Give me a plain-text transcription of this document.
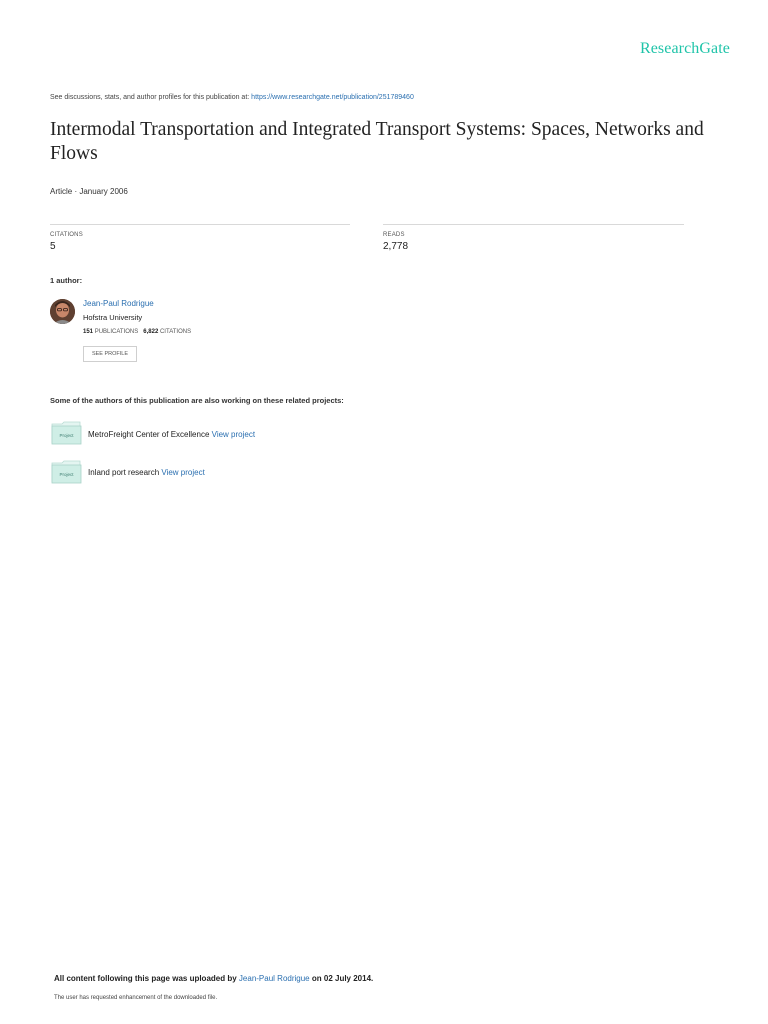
ResearchGate
See discussions, stats, and author profiles for this publication at: https://www.researchgate.net/publication/251789460
Intermodal Transportation and Integrated Transport Systems: Spaces, Networks and Flows
Article · January 2006
CITATIONS
5
READS
2,778
1 author:
Jean-Paul Rodrigue
Hofstra University
151 PUBLICATIONS 6,822 CITATIONS
SEE PROFILE
Some of the authors of this publication are also working on these related projects:
Project MetroFreight Center of Excellence View project
Project Inland port research View project
All content following this page was uploaded by Jean-Paul Rodrigue on 02 July 2014.
The user has requested enhancement of the downloaded file.
